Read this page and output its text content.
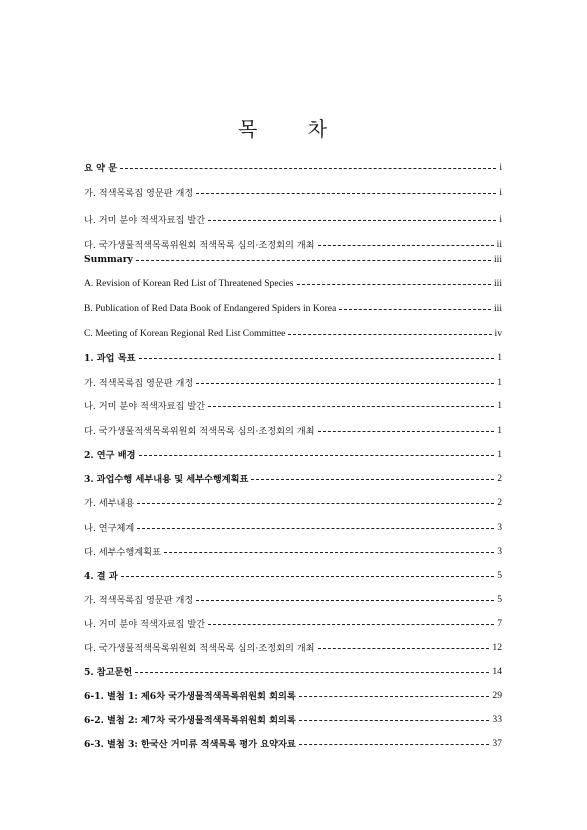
목 차
요 약 문	i
가. 적색목록집 영문판 개정	i
나. 거미 분야 적색자료집 발간	i
다. 국가생물적색목록위원회 적색목록 심의·조정회의 개최	ii
Summary	iii
A. Revision of Korean Red List of Threatened Species	iii
B. Publication of Red Data Book of Endangered Spiders in Korea	iii
C. Meeting of Korean Regional Red List Committee	iv
1. 과업 목표	1
가. 적색목록집 영문판 개정	1
나. 거미 분야 적색자료집 발간	1
다. 국가생물적색목록위원회 적색목록 심의·조정회의 개최	1
2. 연구 배경	1
3. 과업수행 세부내용 및 세부수행계획표	2
가. 세부내용	2
나. 연구체계	3
다. 세부수행계획표	3
4. 결 과	5
가. 적색목록집 영문판 개정	5
나. 거미 분야 적색자료집 발간	7
다. 국가생물적색목록위원회 적색목록 심의·조정회의 개최	12
5. 참고문헌	14
6-1. 별첨 1: 제6차 국가생물적색목록위원회 회의록	29
6-2. 별첨 2: 제7차 국가생물적색목록위원회 회의록	33
6-3. 별첨 3: 한국산 거미류 적색목록 평가 요약자료	37
